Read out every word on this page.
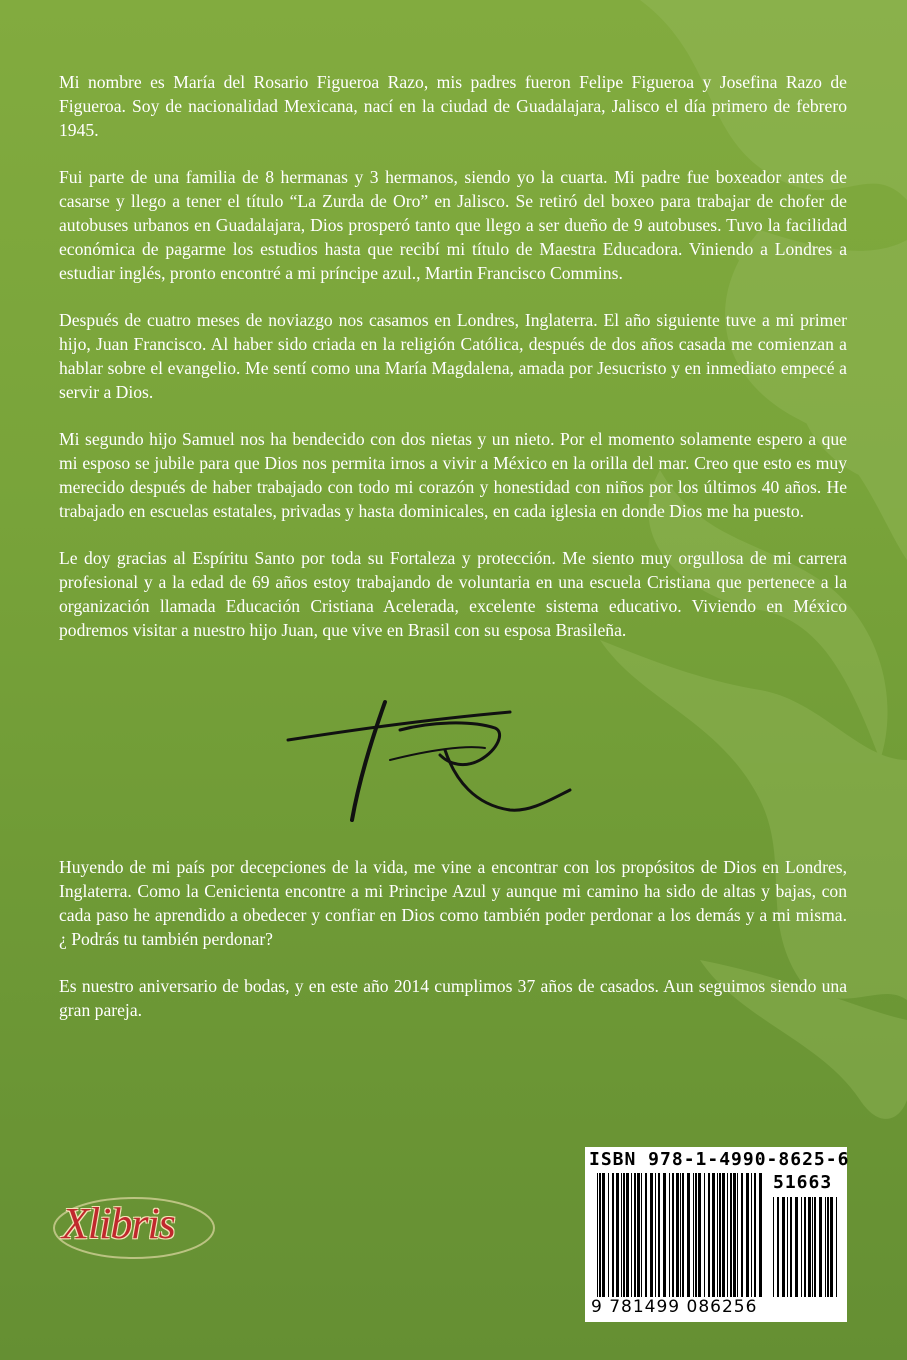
Mi nombre es María del Rosario Figueroa Razo, mis padres fueron Felipe Figueroa y Josefina Razo de Figueroa. Soy de nacionalidad Mexicana, nací en la ciudad de Guadalajara, Jalisco el día primero de febrero 1945.

Fui parte de una familia de 8 hermanas y 3 hermanos, siendo yo la cuarta. Mi padre fue boxeador antes de casarse y llego a tener el título “La Zurda de Oro” en Jalisco. Se retiró del boxeo para trabajar de chofer de autobuses urbanos en Guadalajara, Dios prosperó tanto que llego a ser dueño de 9 autobuses. Tuvo la facilidad económica de pagarme los estudios hasta que recibí mi título de Maestra Educadora. Viniendo a Londres a estudiar inglés, pronto encontré a mi príncipe azul., Martin Francisco Commins.

Después de cuatro meses de noviazgo nos casamos en Londres, Inglaterra. El año siguiente tuve a mi primer hijo, Juan Francisco. Al haber sido criada en la religión Católica, después de dos años casada me comienzan a hablar sobre el evangelio. Me sentí como una María Magdalena, amada por Jesucristo y en inmediato empecé a servir a Dios.

Mi segundo hijo Samuel nos ha bendecido con dos nietas y un nieto. Por el momento solamente espero a que mi esposo se jubile para que Dios nos permita irnos a vivir a México en la orilla del mar. Creo que esto es muy merecido después de haber trabajado con todo mi corazón y honestidad con niños por los últimos 40 años. He trabajado en escuelas estatales, privadas y hasta dominicales, en cada iglesia en donde Dios me ha puesto.

Le doy gracias al Espíritu Santo por toda su Fortaleza y protección. Me siento muy orgullosa de mi carrera profesional y a la edad de 69 años estoy trabajando de voluntaria en una escuela Cristiana que pertenece a la organización llamada Educación Cristiana Acelerada, excelente sistema educativo. Viviendo en México podremos visitar a nuestro hijo Juan, que vive en Brasil con su esposa Brasileña.

Huyendo de mi país por decepciones de la vida, me vine a encontrar con los propósitos de Dios en Londres, Inglaterra. Como la Cenicienta encontre a mi Principe Azul y aunque mi camino ha sido de altas y bajas, con cada paso he aprendido a obedecer y confiar en Dios como también poder perdonar a los demás y a mi misma. ¿ Podrás tu también perdonar?

Es nuestro aniversario de bodas, y en este año 2014 cumplimos 37 años de casados. Aun seguimos siendo una gran pareja.

Xlibris
ISBN 978-1-4990-8625-6
51663
9 781499 086256
